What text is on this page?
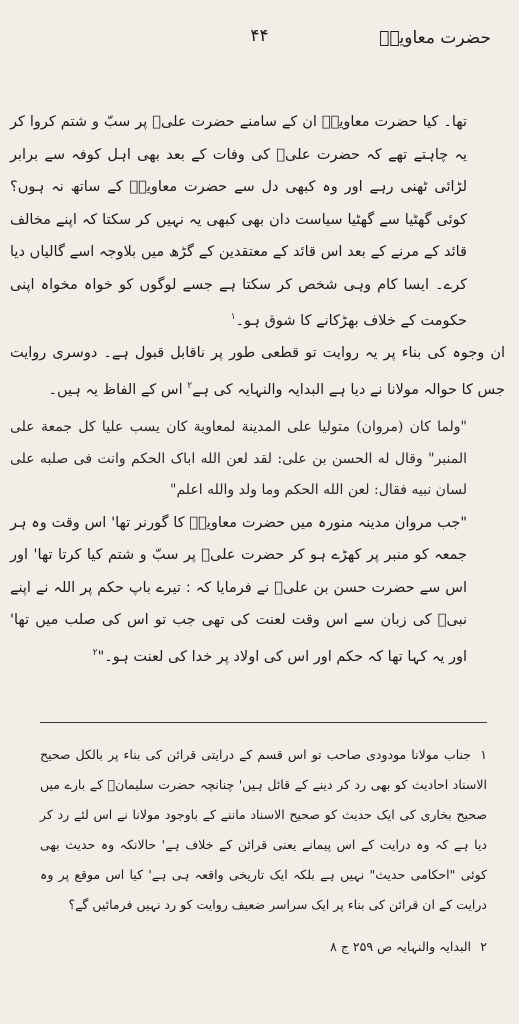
حضرت معاویہؓ
۴۴

تھا۔ کیا حضرت معاویہؓ ان کے سامنے حضرت علیؓ پر سبّ و شتم کروا کر یہ چاہتے تھے کہ حضرت علیؓ کی وفات کے بعد بھی اہل کوفہ سے برابر لڑائی ٹھنی رہے اور وہ کبھی دل سے حضرت معاویہؓ کے ساتھ نہ ہوں؟ کوئی گھٹیا سے گھٹیا سیاست دان بھی کبھی یہ نہیں کر سکتا کہ اپنے مخالف قائد کے مرنے کے بعد اس قائد کے معتقدین کے گڑھ میں بلاوجہ اسے گالیاں دیا کرے۔ ایسا کام وہی شخص کر سکتا ہے جسے لوگوں کو خواہ مخواہ اپنی حکومت کے خلاف بھڑکانے کا شوق ہو۔$^۱$

ان وجوہ کی بناء پر یہ روایت تو قطعی طور پر ناقابل قبول ہے۔ دوسری روایت جس کا حوالہ مولانا نے دیا ہے البدایہ والنہایہ کی ہے$^۲$ اس کے الفاظ یہ ہیں۔

"ولما کان (مروان) متولیا علی المدینة لمعاویة کان یسب علیا کل جمعة علی المنبر" وقال له الحسن بن علی: لقد لعن الله اباک الحکم وانت فی صلبه علی لسان نبیه فقال: لعن الله الحکم وما ولد والله اعلم"

"جب مروان مدینہ منورہ میں حضرت معاویہؓ کا گورنر تھا' اس وقت وہ ہر جمعہ کو منبر پر کھڑے ہو کر حضرت علیؓ پر سبّ و شتم کیا کرتا تھا' اور اس سے حضرت حسن بن علیؓ نے فرمایا کہ : تیرے باپ حکم پر اللہ نے اپنے نبیؐ کی زبان سے اس وقت لعنت کی تھی جب تو اس کی صلب میں تھا' اور یہ کہا تھا کہ حکم اور اس کی اولاد پر خدا کی لعنت ہو۔"$^۲$

۱جناب مولانا مودودی صاحب تو اس قسم کے درایتی قرائن کی بناء پر بالکل صحیح الاسناد احادیث کو بھی رد کر دینے کے قائل ہیں' چنانچہ حضرت سلیمانؑ کے بارے میں صحیح بخاری کی ایک حدیث کو صحیح الاسناد ماننے کے باوجود مولانا نے اس لئے رد کر دیا ہے کہ وہ درایت کے اس پیمانے یعنی قرائن کے خلاف ہے' حالانکہ وہ حدیث بھی کوئی "احکامی حدیث" نہیں ہے بلکہ ایک تاریخی واقعہ ہی ہے' کیا اس موقع پر وہ درایت کے ان قرائن کی بناء پر ایک سراسر ضعیف روایت کو رد نہیں فرمائیں گے؟

۲البدایہ والنہایہ ص ۲۵۹ ج ۸
